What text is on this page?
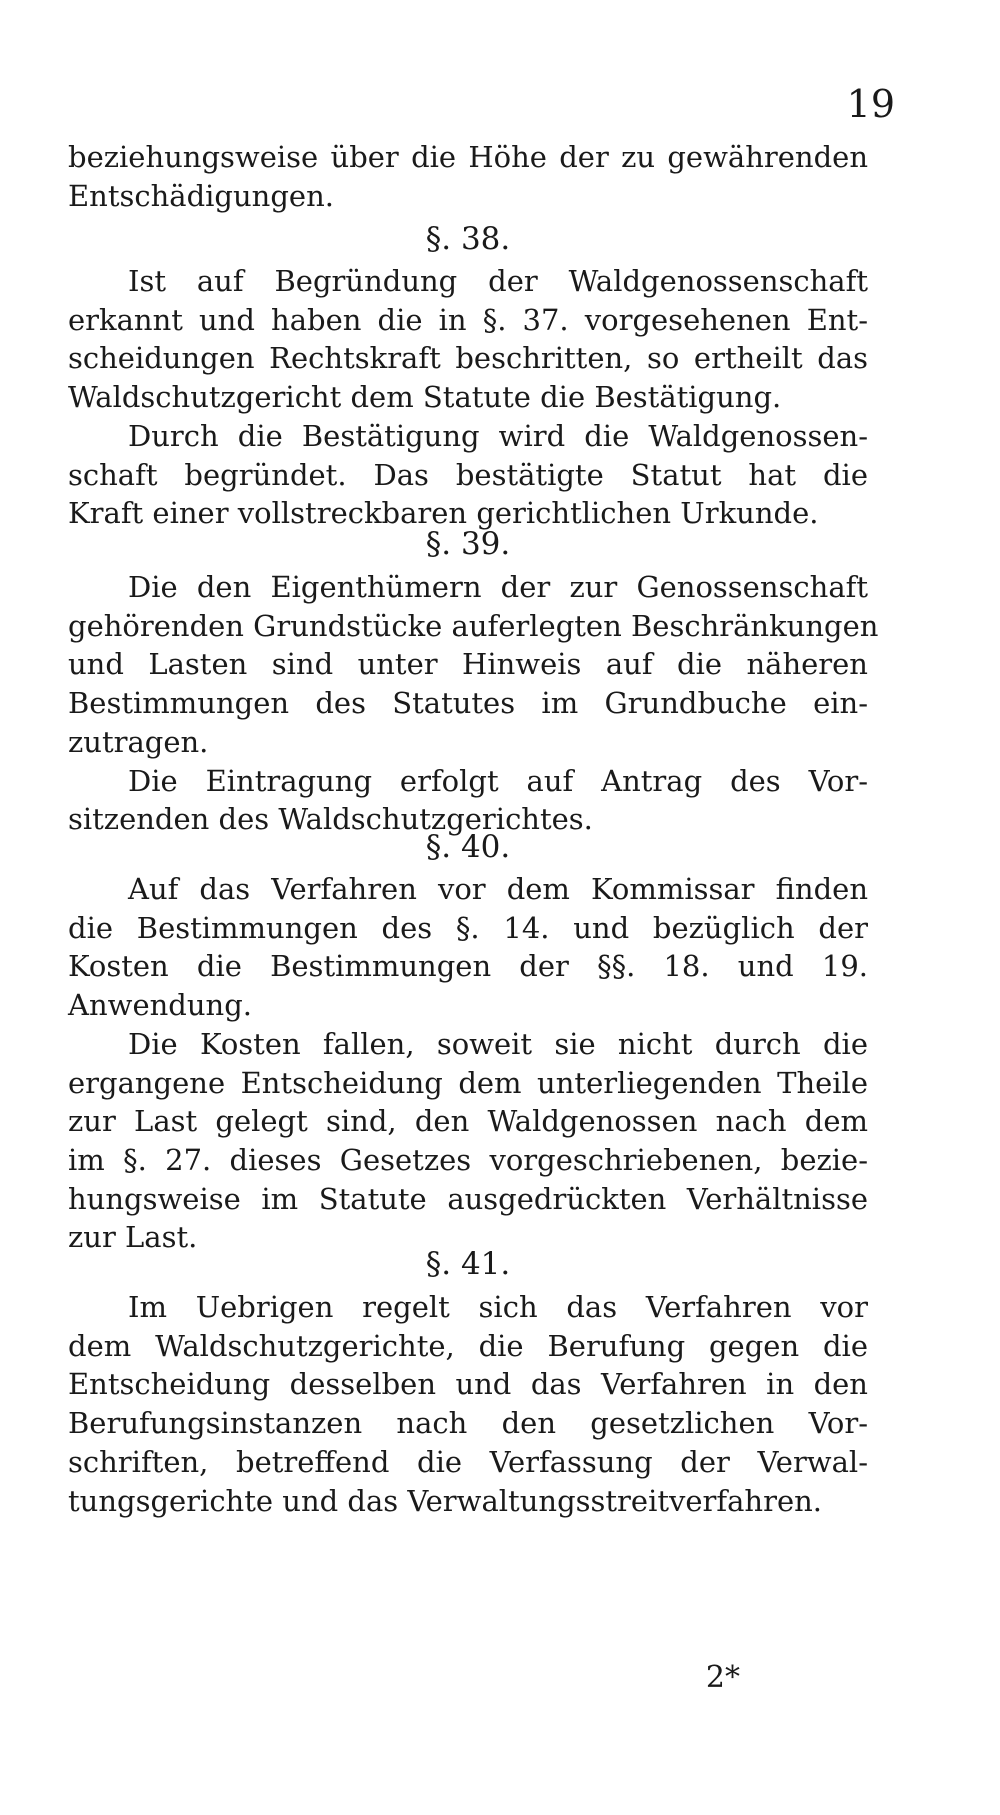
19
beziehungsweise über die Höhe der zu gewährenden
Entschädigungen.
§. 38.
Ist auf Begründung der Waldgenossenschaft
erkannt und haben die in §. 37. vorgesehenen Ent-
scheidungen Rechtskraft beschritten, so ertheilt das
Waldschutzgericht dem Statute die Bestätigung.
Durch die Bestätigung wird die Waldgenossen-
schaft begründet. Das bestätigte Statut hat die
Kraft einer vollstreckbaren gerichtlichen Urkunde.
§. 39.
Die den Eigenthümern der zur Genossenschaft
gehörenden Grundstücke auferlegten Beschränkungen
und Lasten sind unter Hinweis auf die näheren
Bestimmungen des Statutes im Grundbuche ein-
zutragen.
Die Eintragung erfolgt auf Antrag des Vor-
sitzenden des Waldschutzgerichtes.
§. 40.
Auf das Verfahren vor dem Kommissar finden
die Bestimmungen des §. 14. und bezüglich der
Kosten die Bestimmungen der §§. 18. und 19.
Anwendung.
Die Kosten fallen, soweit sie nicht durch die
ergangene Entscheidung dem unterliegenden Theile
zur Last gelegt sind, den Waldgenossen nach dem
im §. 27. dieses Gesetzes vorgeschriebenen, bezie-
hungsweise im Statute ausgedrückten Verhältnisse
zur Last.
§. 41.
Im Uebrigen regelt sich das Verfahren vor
dem Waldschutzgerichte, die Berufung gegen die
Entscheidung desselben und das Verfahren in den
Berufungsinstanzen nach den gesetzlichen Vor-
schriften, betreffend die Verfassung der Verwal-
tungsgerichte und das Verwaltungsstreitverfahren.
2*
